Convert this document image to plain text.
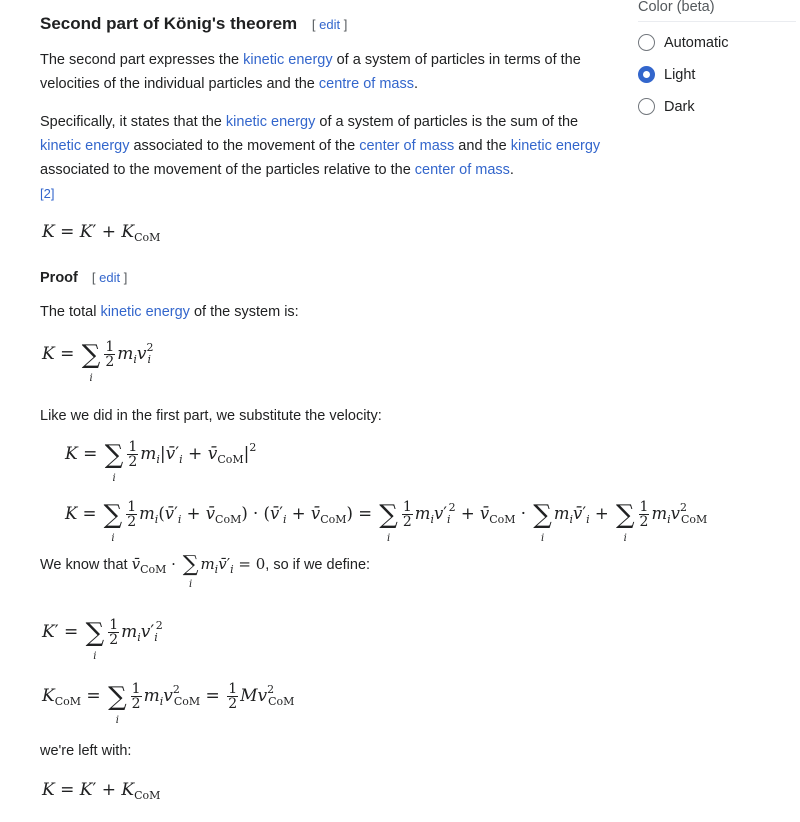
Second part of König's theorem [ edit ]
The second part expresses the kinetic energy of a system of particles in terms of the velocities of the individual particles and the centre of mass.
Specifically, it states that the kinetic energy of a system of particles is the sum of the kinetic energy associated to the movement of the center of mass and the kinetic energy associated to the movement of the particles relative to the center of mass.
[2]
$K = K' + K_{CoM}$
Proof [ edit ]
The total kinetic energy of the system is:
K = ∑
i
$\frac{1}{2} m_iv^2_i$
Like we did in the first part, we substitute the velocity:
K = ∑
i
$\frac{1}{2}$ $m_i|v̄'_i$ + $v̄_{CoM}|^2$
K = ∑
i
$\frac{1}{2}$ $m_i(v̄'_i$ + $v̄_{CoM}$) · ($v̄'_i$ + $v̄_{CoM}$) = ∑
i
$\frac{1}{2} m_iv'_i^2$ + $v̄_{CoM}$ · ∑
i
$m_iv̄'_i$ + ∑
i
$\frac{1}{2} m_iv^2_{CoM}$
We know that $v̄_{CoM}$ · ∑
i
$m_iv̄'_i = 0$, so if we define:
K′ = ∑
i
$\frac{1}{2} m_iv'_i^2$
$K_{CoM}$ = ∑
i
$\frac{1}{2} m_iv^2_{CoM} = \frac{1}{2} Mv^2_{CoM}$
we're left with:
$K = K' + K_{CoM}$
Color (beta)
Automatic
Light
Dark
